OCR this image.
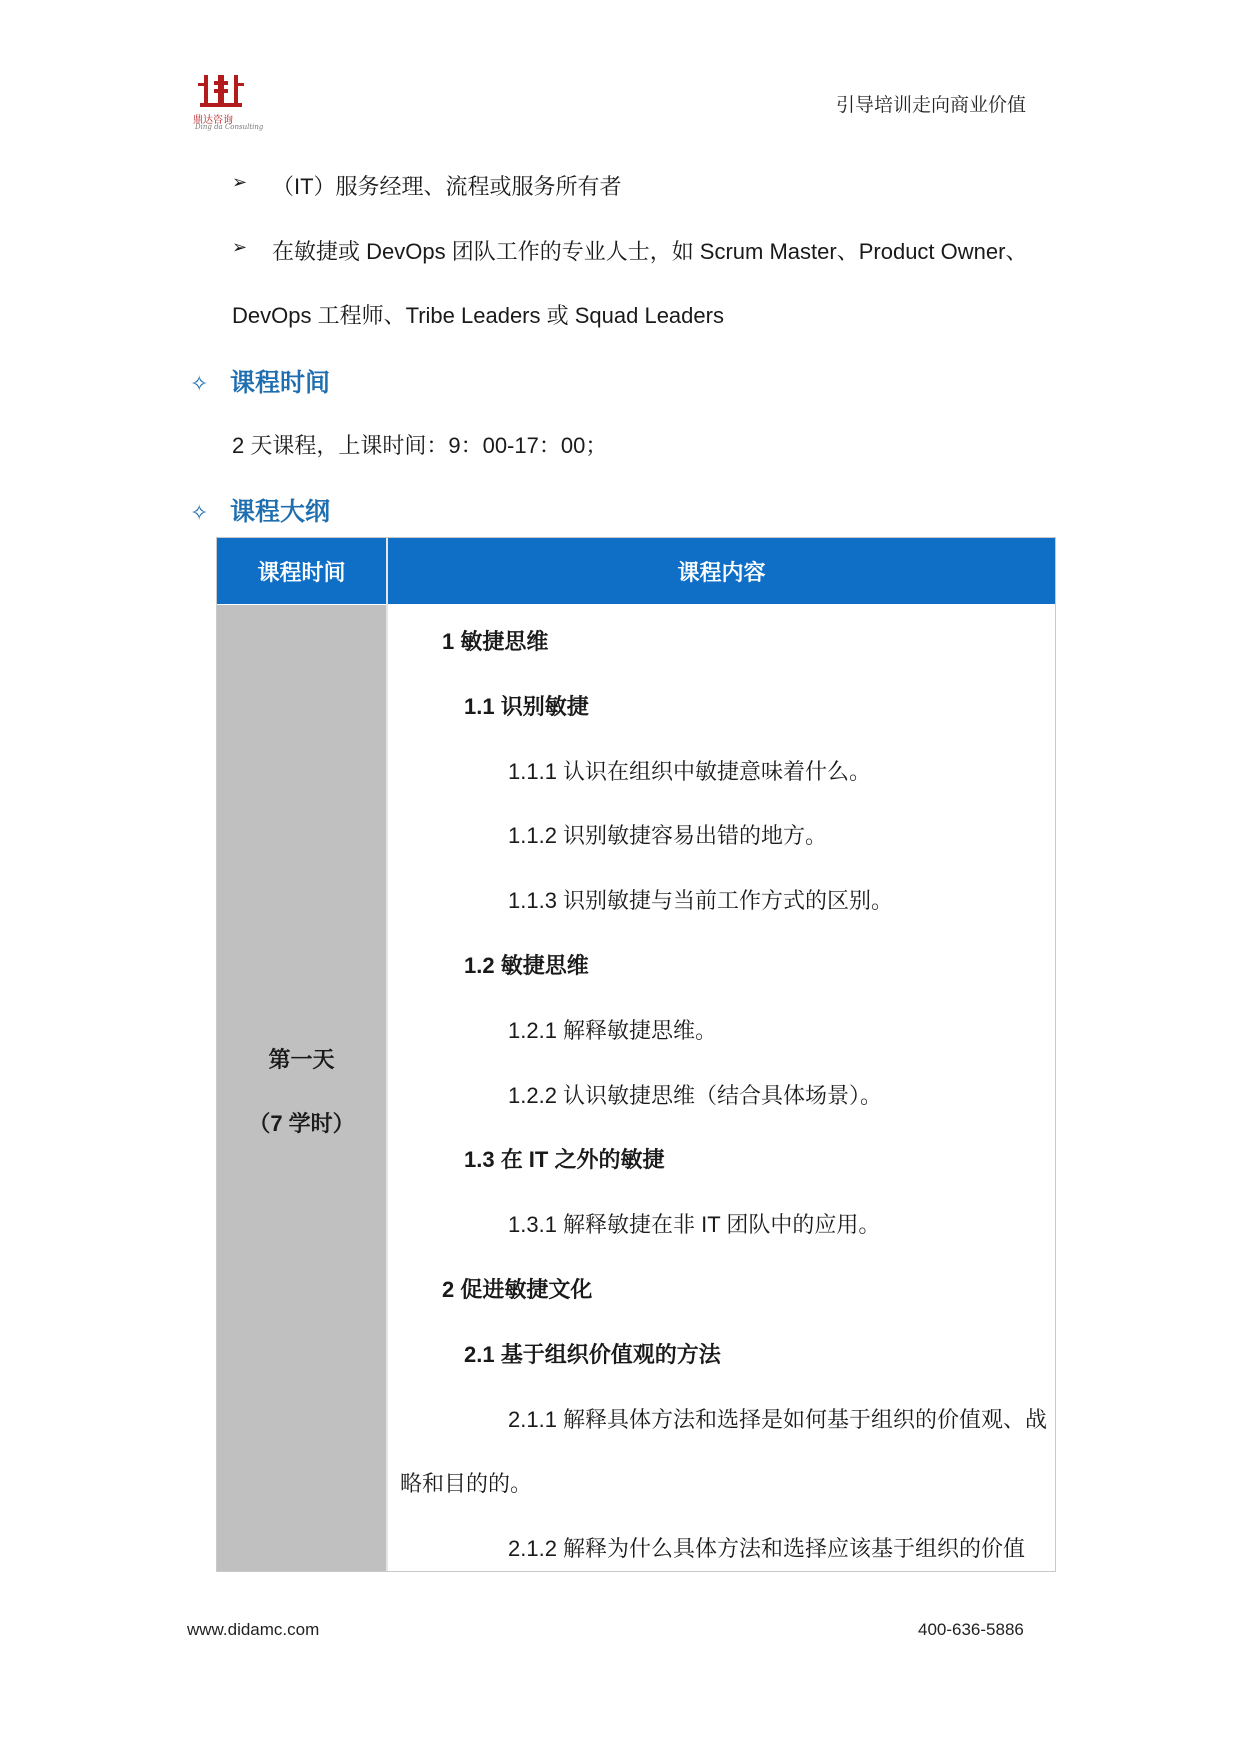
鼎达咨询
Ding da Consulting
引导培训走向商业价值
➢ （IT）服务经理、流程或服务所有者
➢ 在敏捷或 DevOps 团队工作的专业人士，如 Scrum Master、Product Owner、
DevOps 工程师、Tribe Leaders 或 Squad Leaders
✧ 课程时间
2 天课程，上课时间：9：00-17：00；
✧ 课程大纲
课程时间	课程内容
第一天
（7 学时）
1 敏捷思维
1.1 识别敏捷
1.1.1 认识在组织中敏捷意味着什么。
1.1.2 识别敏捷容易出错的地方。
1.1.3 识别敏捷与当前工作方式的区别。
1.2 敏捷思维
1.2.1 解释敏捷思维。
1.2.2 认识敏捷思维（结合具体场景）。
1.3 在 IT 之外的敏捷
1.3.1 解释敏捷在非 IT 团队中的应用。
2 促进敏捷文化
2.1 基于组织价值观的方法
2.1.1 解释具体方法和选择是如何基于组织的价值观、战
略和目的的。
2.1.2 解释为什么具体方法和选择应该基于组织的价值
www.didamc.com	400-636-5886
